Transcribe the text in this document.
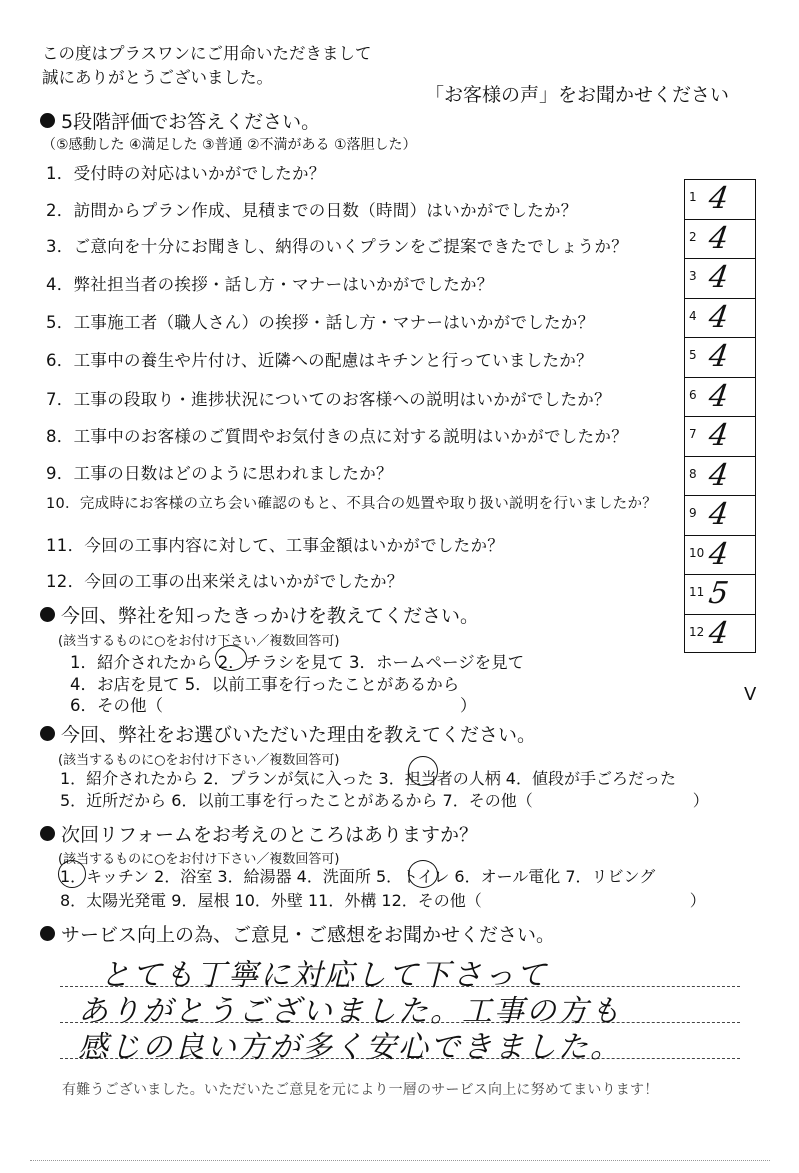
この度はプラスワンにご用命いただきまして
誠にありがとうございました。
「お客様の声」をお聞かせください
5段階評価でお答えください。
（⑤感動した ④満足した ③普通 ②不満がある ①落胆した）
1．受付時の対応はいかがでしたか？
2．訪問からプラン作成、見積までの日数（時間）はいかがでしたか？
3．ご意向を十分にお聞きし、納得のいくプランをご提案できたでしょうか？
4．弊社担当者の挨拶・話し方・マナーはいかがでしたか？
5．工事施工者（職人さん）の挨拶・話し方・マナーはいかがでしたか？
6．工事中の養生や片付け、近隣への配慮はキチンと行っていましたか？
7．工事の段取り・進捗状況についてのお客様への説明はいかがでしたか？
8．工事中のお客様のご質問やお気付きの点に対する説明はいかがでしたか？
9．工事の日数はどのように思われましたか？
10．完成時にお客様の立ち会い確認のもと、不具合の処置や取り扱い説明を行いましたか？
11．今回の工事内容に対して、工事金額はいかがでしたか？
12．今回の工事の出来栄えはいかがでしたか？
1 4
2 4
3 4
4 4
5 4
6 4
7 4
8 4
9 4
10 4
11 5
12 4
今回、弊社を知ったきっかけを教えてください。
(該当するものに○をお付け下さい／複数回答可)
1．紹介されたから 2．チラシを見て 3．ホームページを見て
4．お店を見て 5．以前工事を行ったことがあるから
6．その他（　　　　　　　　　　　　　　　　　　）
V
今回、弊社をお選びいただいた理由を教えてください。
(該当するものに○をお付け下さい／複数回答可)
1．紹介されたから 2．プランが気に入った 3．担当者の人柄 4．値段が手ごろだった
5．近所だから 6．以前工事を行ったことがあるから 7．その他（　　　　　　　　　　）
次回リフォームをお考えのところはありますか？
(該当するものに○をお付け下さい／複数回答可)
1．キッチン 2．浴室 3．給湯器 4．洗面所 5．トイレ 6．オール電化 7．リビング
8．太陽光発電 9．屋根 10．外壁 11．外構 12．その他（　　　　　　　　　　　　　）
サービス向上の為、ご意見・ご感想をお聞かせください。
とても丁寧に対応して下さって
ありがとうございました。工事の方も
感じの良い方が多く安心できました。
有難うございました。いただいたご意見を元により一層のサービス向上に努めてまいります！
